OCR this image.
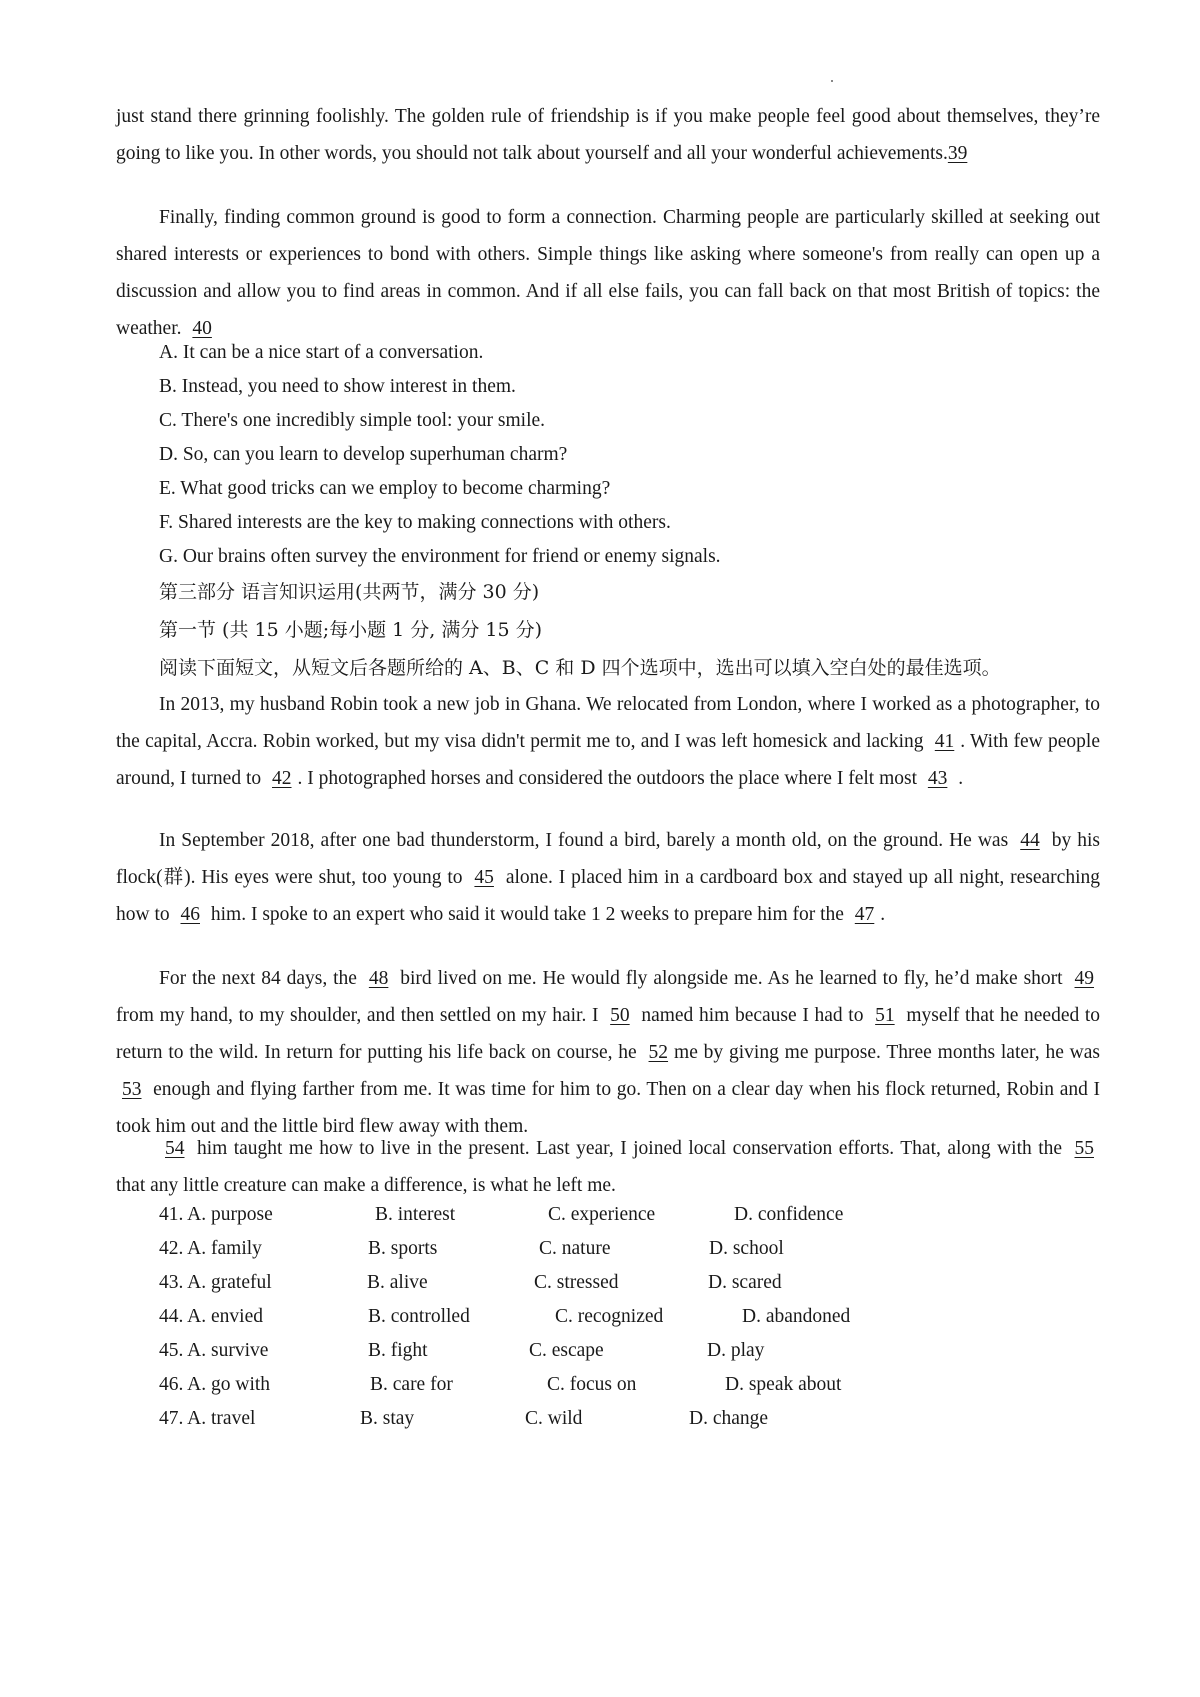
just stand there grinning foolishly. The golden rule of friendship is if you make people feel good about themselves, they’re going to like you. In other words, you should not talk about yourself and all your wonderful achievements.39

Finally, finding common ground is good to form a connection. Charming people are particularly skilled at seeking out shared interests or experiences to bond with others. Simple things like asking where someone's from really can open up a discussion and allow you to find areas in common. And if all else fails, you can fall back on that most British of topics: the weather. 40

A. It can be a nice start of a conversation.
B. Instead, you need to show interest in them.
C. There's one incredibly simple tool: your smile.
D. So, can you learn to develop superhuman charm?
E. What good tricks can we employ to become charming?
F. Shared interests are the key to making connections with others.
G. Our brains often survey the environment for friend or enemy signals.
第三部分 语言知识运用(共两节，满分 30 分)
第一节 (共 15 小题;每小题 1 分, 满分 15 分)
阅读下面短文，从短文后各题所给的 A、B、C 和 D 四个选项中，选出可以填入空白处的最佳选项。

In 2013, my husband Robin took a new job in Ghana. We relocated from London, where I worked as a photographer, to the capital, Accra. Robin worked, but my visa didn't permit me to, and I was left homesick and lacking 41 . With few people around, I turned to 42 . I photographed horses and considered the outdoors the place where I felt most 43 .

In September 2018, after one bad thunderstorm, I found a bird, barely a month old, on the ground. He was 44 by his flock(群). His eyes were shut, too young to 45 alone. I placed him in a cardboard box and stayed up all night, researching how to 46 him. I spoke to an expert who said it would take 1 2 weeks to prepare him for the 47 .

For the next 84 days, the 48 bird lived on me. He would fly alongside me. As he learned to fly, he’d make short 49 from my hand, to my shoulder, and then settled on my hair. I 50 named him because I had to 51 myself that he needed to return to the wild. In return for putting his life back on course, he 52 me by giving me purpose. Three months later, he was 53 enough and flying farther from me. It was time for him to go. Then on a clear day when his flock returned, Robin and I took him out and the little bird flew away with them.

54 him taught me how to live in the present. Last year, I joined local conservation efforts. That, along with the 55 that any little creature can make a difference, is what he left me.

41. A. purpose	B. interest	C. experience	D. confidence
42. A. family	B. sports	C. nature	D. school
43. A. grateful	B. alive	C. stressed	D. scared
44. A. envied	B. controlled	C. recognized	D. abandoned
45. A. survive	B. fight	C. escape	D. play
46. A. go with	B. care for	C. focus on	D. speak about
47. A. travel	B. stay	C. wild	D. change
